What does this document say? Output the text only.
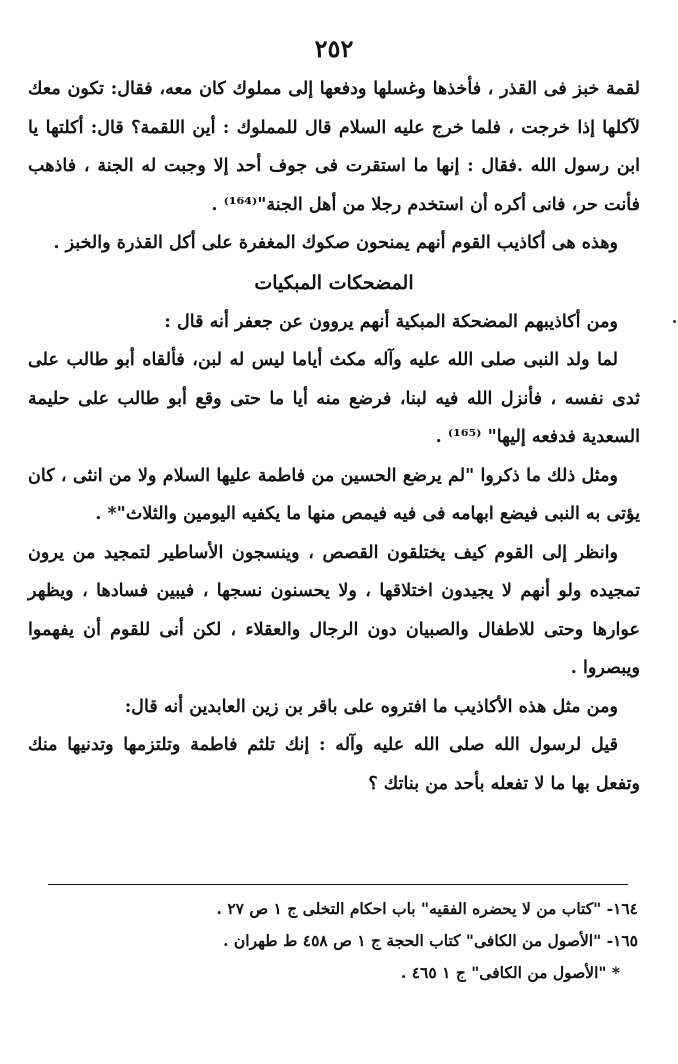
٢٥٢

لقمة خبز فى القذر ، فأخذها وغسلها ودفعها إلى مملوك كان معه، فقال: تكون معك لآكلها إذا خرجت ، فلما خرج عليه السلام قال للمملوك : أين اللقمة؟ قال: أكلتها يا ابن رسول الله .فقال : إنها ما استقرت فى جوف أحد إلا وجبت له الجنة ، فاذهب فأنت حر، فانى أكره أن استخدم رجلا من أهل الجنة"⁽¹⁶⁴⁾ .

وهذه هى أكاذيب القوم أنهم يمنحون صكوك المغفرة على أكل القذرة والخبز .

المضحكات المبكيات

ومن أكاذيبهم المضحكة المبكية أنهم يروون عن جعفر أنه قال :

لما ولد النبى صلى الله عليه وآله مكث أياما ليس له لبن، فألقاه أبو طالب على ثدى نفسه ، فأنزل الله فيه لبنا، فرضع منه أيا ما حتى وقع أبو طالب على حليمة السعدية فدفعه إليها" ⁽¹⁶⁵⁾ .

ومثل ذلك ما ذكروا "لم يرضع الحسين من فاطمة عليها السلام ولا من انثى ، كان يؤتى به النبى فيضع ابهامه فى فيه فيمص منها ما يكفيه اليومين والثلاث"* .

وانظر إلى القوم كيف يختلقون القصص ، وينسجون الأساطير لتمجيد من يرون تمجيده ولو أنهم لا يجيدون اختلاقها ، ولا يحسنون نسجها ، فيبين فسادها ، ويظهر عوارها وحتى للاطفال والصبيان دون الرجال والعقلاء ، لكن أنى للقوم أن يفهموا ويبصروا .

ومن مثل هذه الأكاذيب ما افتروه على باقر بن زين العابدين أنه قال:

قيل لرسول الله صلى الله عليه وآله : إنك تلثم فاطمة وتلتزمها وتدنيها منك وتفعل بها ما لا تفعله بأحد من بناتك ؟

١٦٤- "كتاب من لا يحضره الفقيه" باب احكام التخلى ج ١ ص ٢٧ .

١٦٥- "الأصول من الكافى" كتاب الحجة ج ١ ص ٤٥٨ ط طهران .

* "الأصول من الكافى" ج ١ ٤٦٥ .
